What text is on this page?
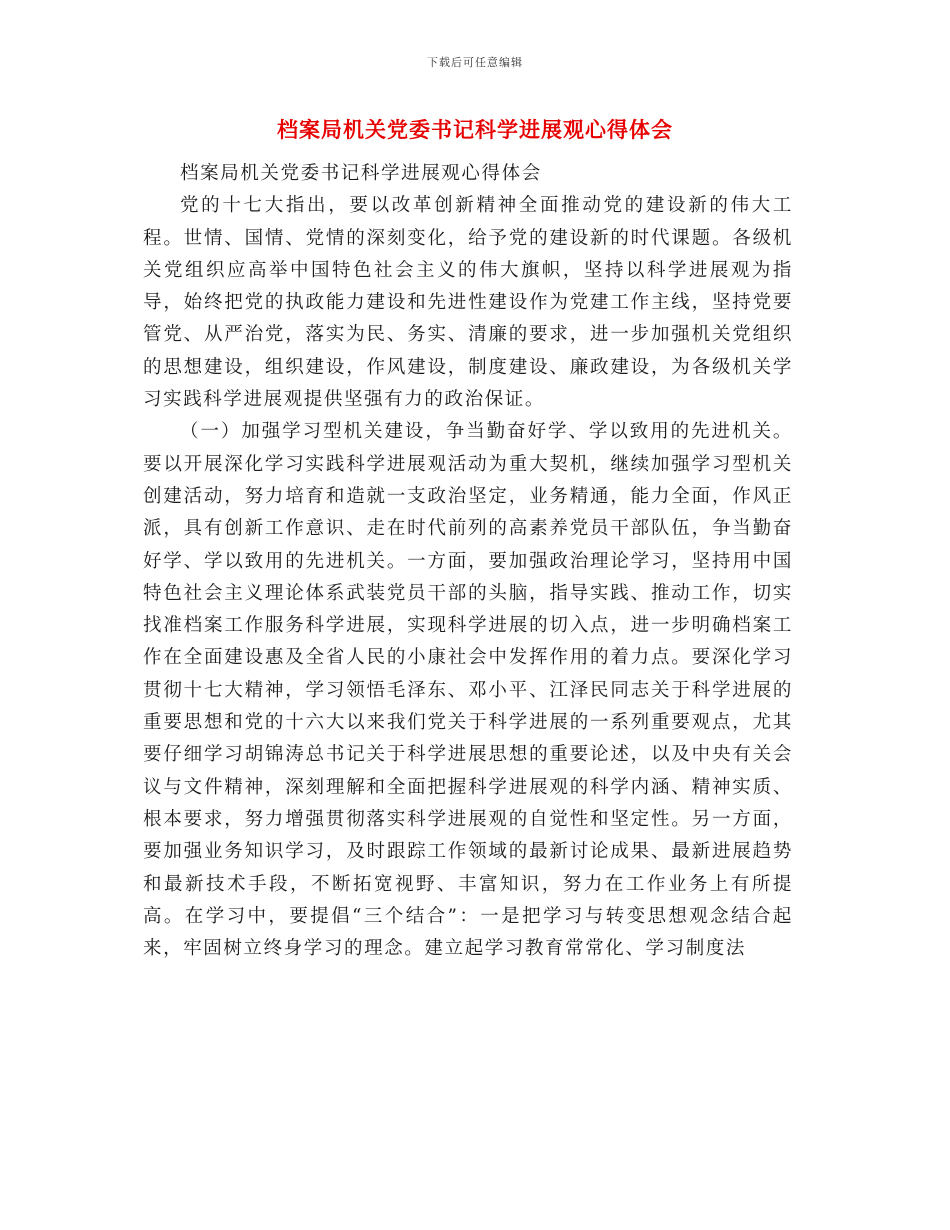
下载后可任意编辑
档案局机关党委书记科学进展观心得体会

档案局机关党委书记科学进展观心得体会

党的十七大指出，要以改革创新精神全面推动党的建设新的伟大工程。世情、国情、党情的深刻变化，给予党的建设新的时代课题。各级机关党组织应高举中国特色社会主义的伟大旗帜，坚持以科学进展观为指导，始终把党的执政能力建设和先进性建设作为党建工作主线，坚持党要管党、从严治党，落实为民、务实、清廉的要求，进一步加强机关党组织的思想建设，组织建设，作风建设，制度建设、廉政建设，为各级机关学习实践科学进展观提供坚强有力的政治保证。

（一）加强学习型机关建设，争当勤奋好学、学以致用的先进机关。要以开展深化学习实践科学进展观活动为重大契机，继续加强学习型机关创建活动，努力培育和造就一支政治坚定，业务精通，能力全面，作风正派，具有创新工作意识、走在时代前列的高素养党员干部队伍，争当勤奋好学、学以致用的先进机关。一方面，要加强政治理论学习，坚持用中国特色社会主义理论体系武装党员干部的头脑，指导实践、推动工作，切实找准档案工作服务科学进展，实现科学进展的切入点，进一步明确档案工作在全面建设惠及全省人民的小康社会中发挥作用的着力点。要深化学习贯彻十七大精神，学习领悟毛泽东、邓小平、江泽民同志关于科学进展的重要思想和党的十六大以来我们党关于科学进展的一系列重要观点，尤其要仔细学习胡锦涛总书记关于科学进展思想的重要论述，以及中央有关会议与文件精神，深刻理解和全面把握科学进展观的科学内涵、精神实质、根本要求，努力增强贯彻落实科学进展观的自觉性和坚定性。另一方面，要加强业务知识学习，及时跟踪工作领域的最新讨论成果、最新进展趋势和最新技术手段，不断拓宽视野、丰富知识，努力在工作业务上有所提高。在学习中，要提倡“三个结合”：一是把学习与转变思想观念结合起来，牢固树立终身学习的理念。建立起学习教育常常化、学习制度法
